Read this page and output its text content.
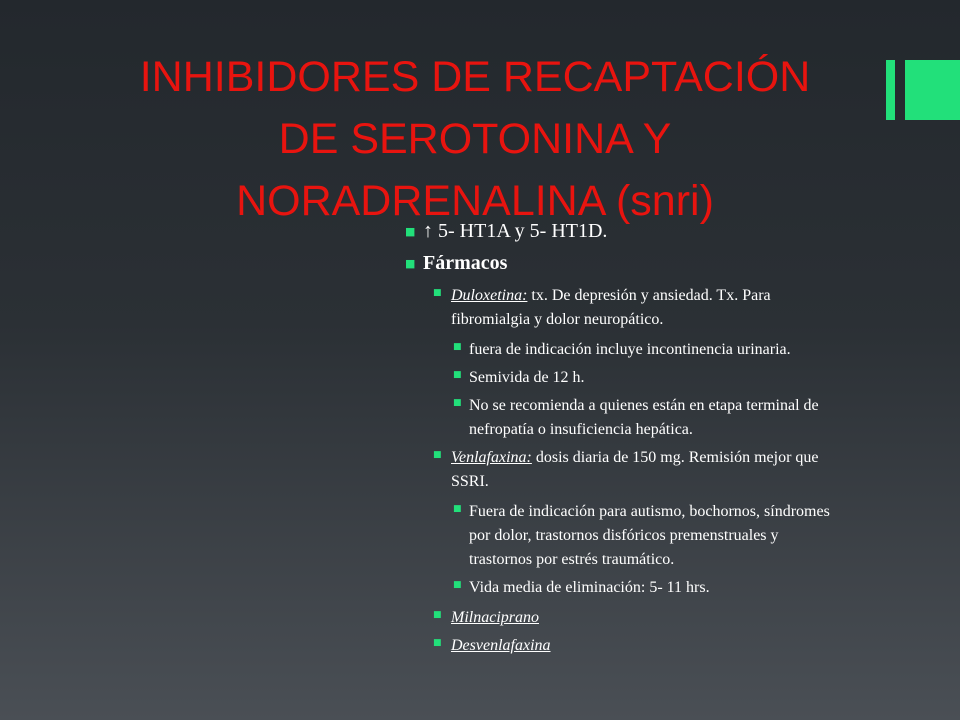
INHIBIDORES DE RECAPTACIÓN
DE SEROTONINA Y
NORADRENALINA (snri)
■ ↑ 5- HT1A y 5- HT1D.
■ Fármacos
■ Duloxetina: tx. De depresión y ansiedad. Tx. Para
fibromialgia y dolor neuropático.
■ fuera de indicación incluye incontinencia urinaria.
■ Semivida de 12 h.
■ No se recomienda a quienes están en etapa terminal de
nefropatía o insuficiencia hepática.
■ Venlafaxina: dosis diaria de 150 mg. Remisión mejor que
SSRI.
■ Fuera de indicación para autismo, bochornos, síndromes
por dolor, trastornos disfóricos premenstruales y
trastornos por estrés traumático.
■ Vida media de eliminación: 5- 11 hrs.
■ Milnaciprano
■ Desvenlafaxina
